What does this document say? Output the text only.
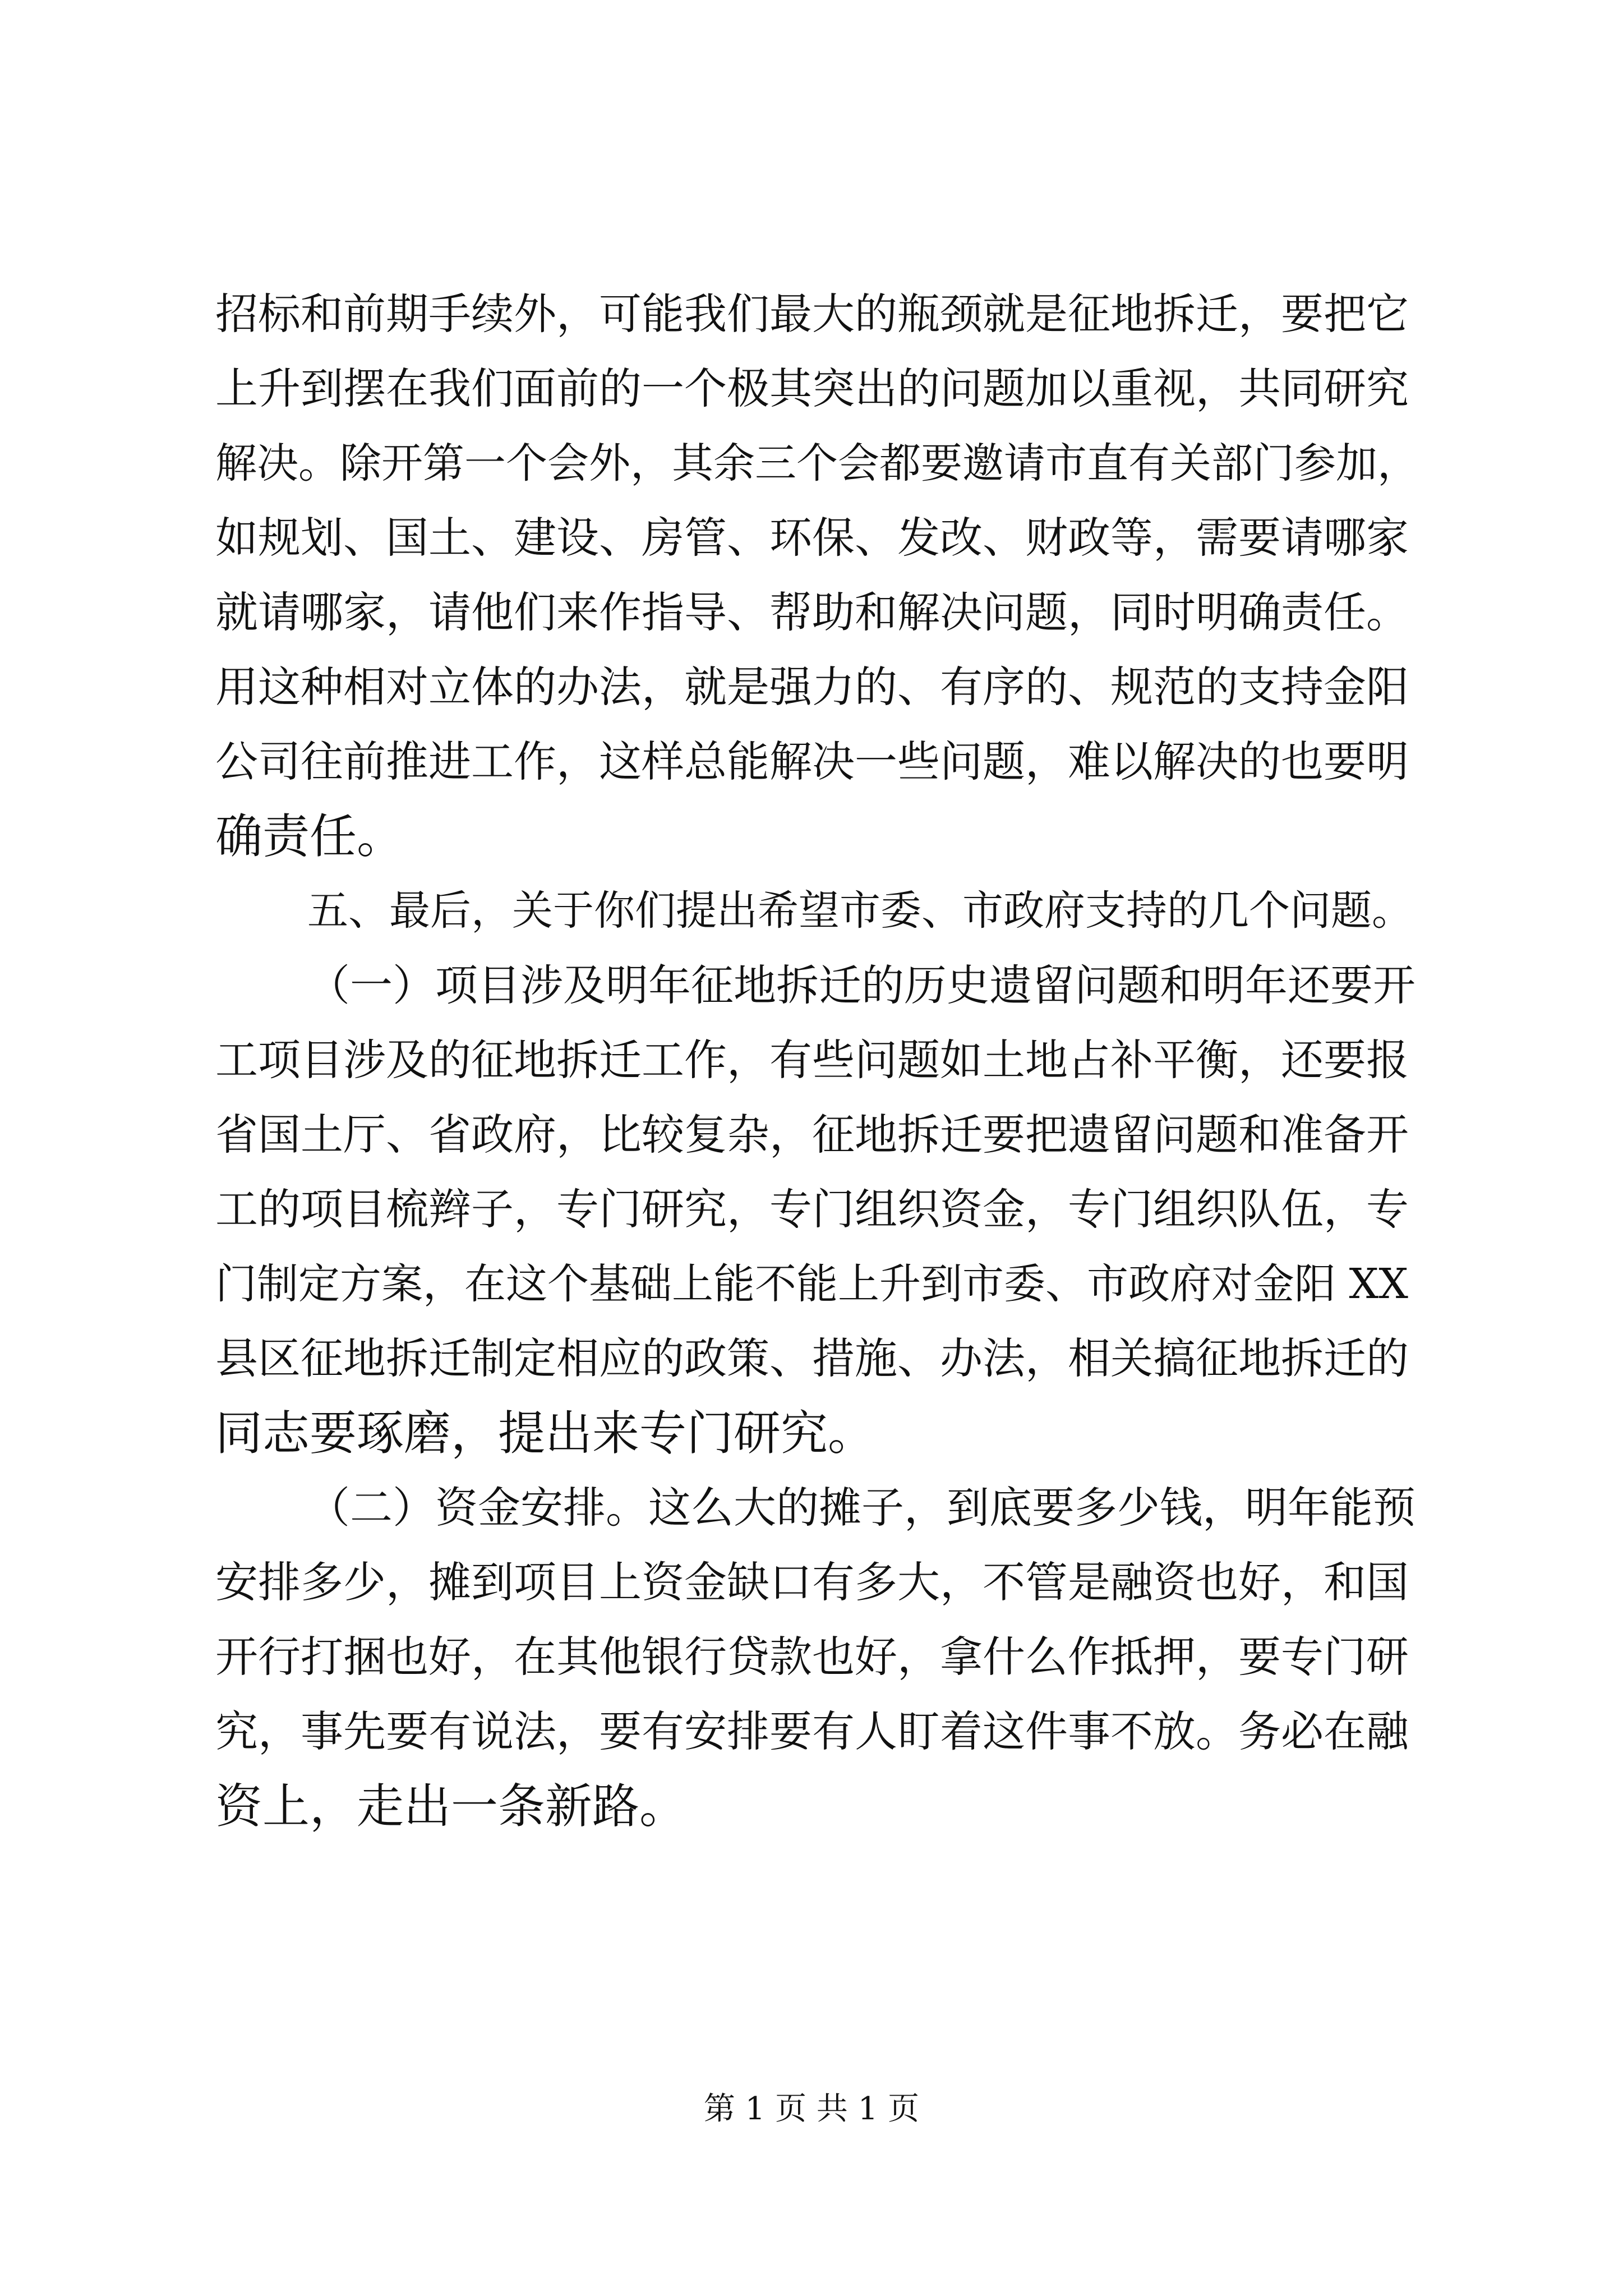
招标和前期手续外，可能我们最大的瓶颈就是征地拆迁，要把它
上升到摆在我们面前的一个极其突出的问题加以重视，共同研究
解决。除开第一个会外，其余三个会都要邀请市直有关部门参加，
如规划、国土、建设、房管、环保、发改、财政等，需要请哪家
就请哪家，请他们来作指导、帮助和解决问题，同时明确责任。
用这种相对立体的办法，就是强力的、有序的、规范的支持金阳
公司往前推进工作，这样总能解决一些问题，难以解决的也要明
确责任。
五、最后，关于你们提出希望市委、市政府支持的几个问题。
（一）项目涉及明年征地拆迁的历史遗留问题和明年还要开
工项目涉及的征地拆迁工作，有些问题如土地占补平衡，还要报
省国土厅、省政府，比较复杂，征地拆迁要把遗留问题和准备开
工的项目梳辫子，专门研究，专门组织资金，专门组织队伍，专
门制定方案，在这个基础上能不能上升到市委、市政府对金阳 XX
县区征地拆迁制定相应的政策、措施、办法，相关搞征地拆迁的
同志要琢磨，提出来专门研究。
（二）资金安排。这么大的摊子，到底要多少钱，明年能预
安排多少，摊到项目上资金缺口有多大，不管是融资也好，和国
开行打捆也好，在其他银行贷款也好，拿什么作抵押，要专门研
究，事先要有说法，要有安排要有人盯着这件事不放。务必在融
资上，走出一条新路。
第 1 页 共 1 页
